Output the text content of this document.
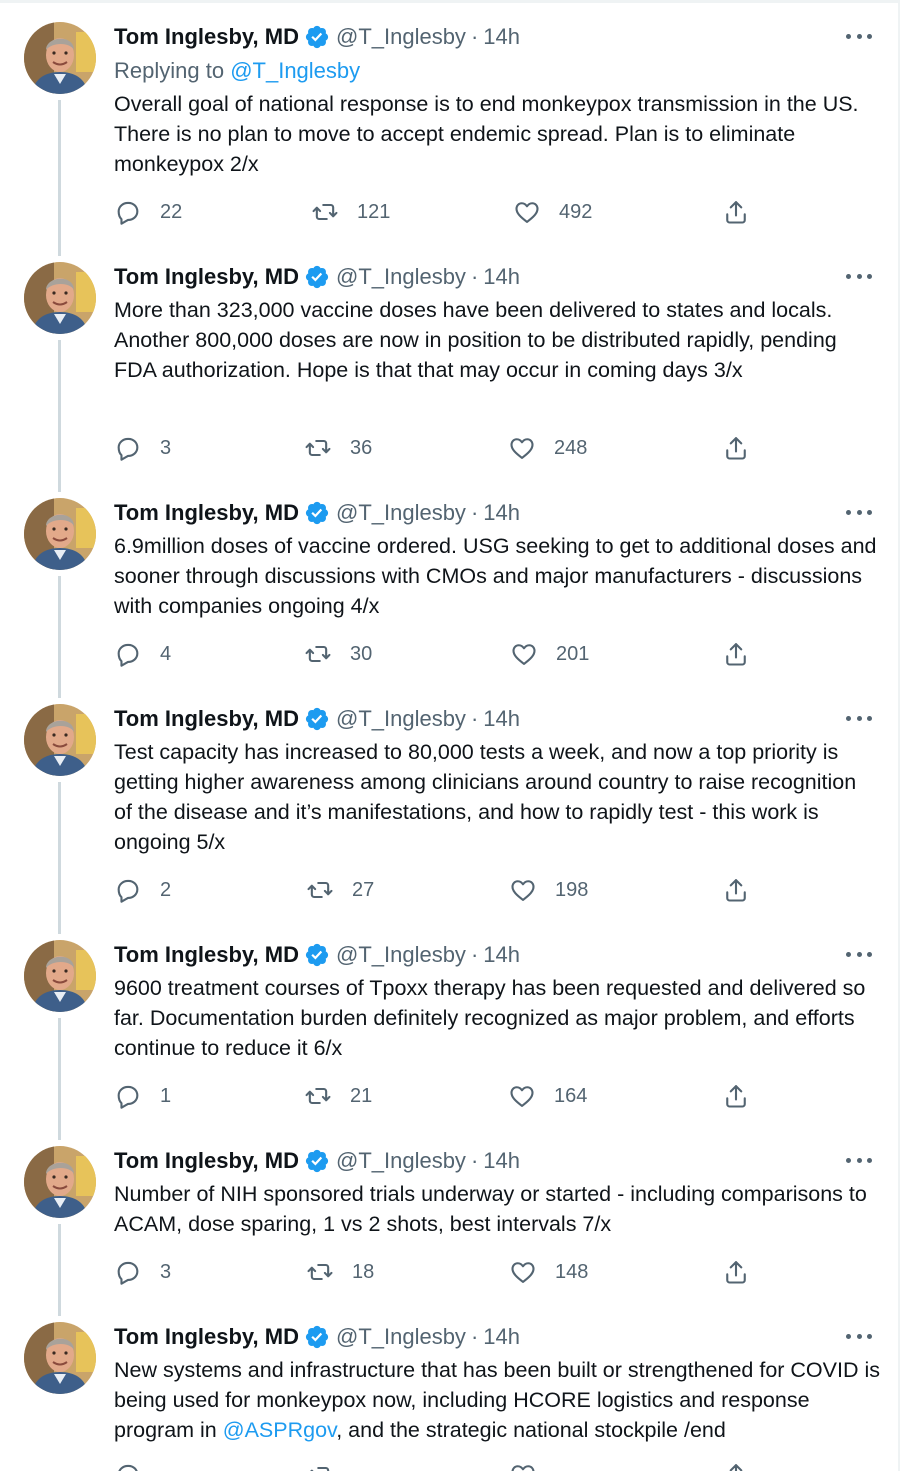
Tom Inglesby, MD @T_Inglesby · 14h
Replying to @T_Inglesby
Overall goal of national response is to end monkeypox transmission in the US.  There is no plan to move to accept endemic spread. Plan is to eliminate monkeypox 2/x
22	121	492
Tom Inglesby, MD @T_Inglesby · 14h
More than 323,000 vaccine doses have been delivered to states and locals. Another 800,000 doses are now in position to be distributed rapidly, pending FDA authorization. Hope is that that may occur in coming days 3/x
3	36	248
Tom Inglesby, MD @T_Inglesby · 14h
6.9million doses of vaccine ordered. USG seeking to get to additional doses and sooner through discussions with CMOs and major manufacturers - discussions with companies ongoing 4/x
4	30	201
Tom Inglesby, MD @T_Inglesby · 14h
Test capacity has increased to 80,000 tests a week, and now a top priority is getting higher awareness among clinicians around country to raise recognition  of the disease and it’s manifestations, and how to rapidly test - this work is ongoing 5/x
2	27	198
Tom Inglesby, MD @T_Inglesby · 14h
9600 treatment courses of Tpoxx therapy has been requested and delivered so far. Documentation burden definitely recognized as major problem, and efforts continue to reduce it 6/x
1	21	164
Tom Inglesby, MD @T_Inglesby · 14h
Number of NIH sponsored trials underway or started - including comparisons to ACAM, dose sparing, 1 vs 2 shots, best intervals 7/x
3	18	148
Tom Inglesby, MD @T_Inglesby · 14h
New systems and infrastructure that has been built or strengthened for COVID is being used for monkeypox now, including HCORE logistics and response program in @ASPRgov, and the strategic national stockpile /end
